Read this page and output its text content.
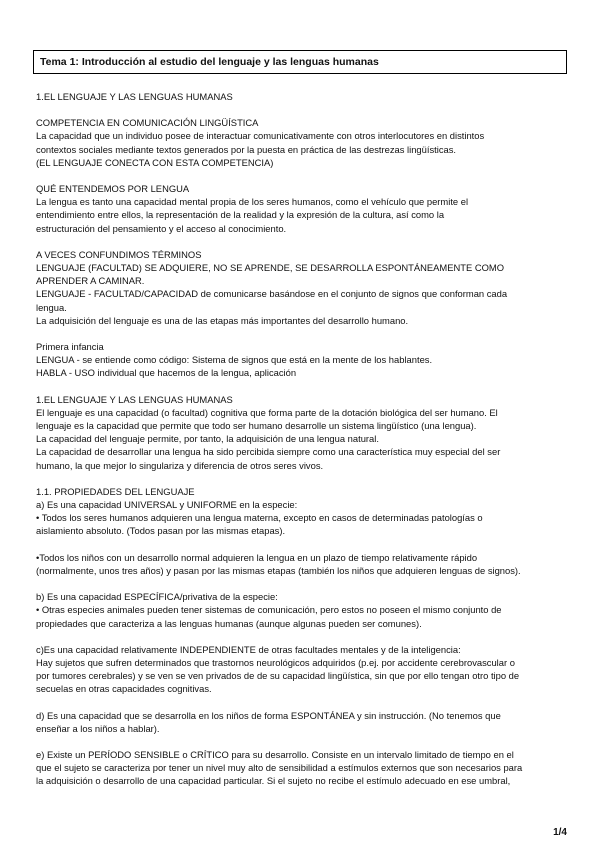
Tema 1: Introducción al estudio del lenguaje y las lenguas humanas
1.EL LENGUAJE Y LAS LENGUAS HUMANAS
COMPETENCIA EN COMUNICACIÓN LINGÜÍSTICA
La capacidad que un individuo posee de interactuar comunicativamente con otros interlocutores en distintos
contextos sociales mediante textos generados por la puesta en práctica de las destrezas lingüísticas.
(EL LENGUAJE CONECTA CON ESTA COMPETENCIA)
QUÉ ENTENDEMOS POR LENGUA
La lengua es tanto una capacidad mental propia de los seres humanos, como el vehículo que permite el
entendimiento entre ellos, la representación de la realidad y la expresión de la cultura, así como la
estructuración del pensamiento y el acceso al conocimiento.
A VECES CONFUNDIMOS TÉRMINOS
LENGUAJE (FACULTAD) SE ADQUIERE, NO SE APRENDE, SE DESARROLLA ESPONTÁNEAMENTE COMO
APRENDER A CAMINAR.
LENGUAJE - FACULTAD/CAPACIDAD de comunicarse basándose en el conjunto de signos que conforman cada
lengua.
La adquisición del lenguaje es una de las etapas más importantes del desarrollo humano.
Primera infancia
LENGUA - se entiende como código: Sistema de signos que está en la mente de los hablantes.
HABLA - USO individual que hacemos de la lengua, aplicación
1.EL LENGUAJE Y LAS LENGUAS HUMANAS
El lenguaje es una capacidad (o facultad) cognitiva que forma parte de la dotación biológica del ser humano. El
lenguaje es la capacidad que permite que todo ser humano desarrolle un sistema lingüístico (una lengua).
La capacidad del lenguaje permite, por tanto, la adquisición de una lengua natural.
La capacidad de desarrollar una lengua ha sido percibida siempre como una característica muy especial del ser
humano, la que mejor lo singulariza y diferencia de otros seres vivos.
1.1. PROPIEDADES DEL LENGUAJE
a) Es una capacidad UNIVERSAL y UNIFORME en la especie:
• Todos los seres humanos adquieren una lengua materna, excepto en casos de determinadas patologías o
aislamiento absoluto. (Todos pasan por las mismas etapas).
•Todos los niños con un desarrollo normal adquieren la lengua en un plazo de tiempo relativamente rápido
(normalmente, unos tres años) y pasan por las mismas etapas (también los niños que adquieren lenguas de signos).
b) Es una capacidad ESPECÍFICA/privativa de la especie:
• Otras especies animales pueden tener sistemas de comunicación, pero estos no poseen el mismo conjunto de
propiedades que caracteriza a las lenguas humanas (aunque algunas pueden ser comunes).
c)Es una capacidad relativamente INDEPENDIENTE de otras facultades mentales y de la inteligencia:
Hay sujetos que sufren determinados que trastornos neurológicos adquiridos (p.ej. por accidente cerebrovascular o
por tumores cerebrales) y se ven se ven privados de de su capacidad lingüística, sin que por ello tengan otro tipo de
secuelas en otras capacidades cognitivas.
d) Es una capacidad que se desarrolla en los niños de forma ESPONTÁNEA y sin instrucción. (No tenemos que
enseñar a los niños a hablar).
e) Existe un PERÍODO SENSIBLE o CRÍTICO para su desarrollo. Consiste en un intervalo limitado de tiempo en el
que el sujeto se caracteriza por tener un nivel muy alto de sensibilidad a estímulos externos que son necesarios para
la adquisición o desarrollo de una capacidad particular. Si el sujeto no recibe el estímulo adecuado en ese umbral,
1/4
